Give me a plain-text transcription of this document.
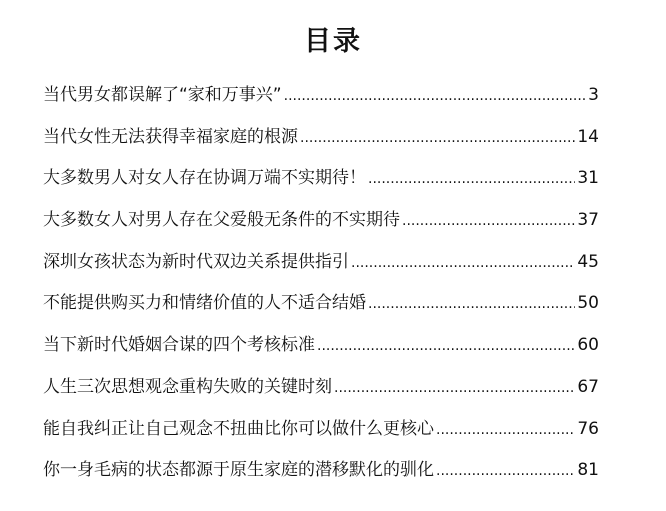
目录
当代男女都误解了“家和万事兴” .....	3
当代女性无法获得幸福家庭的根源 .....	14
大多数男人对女人存在协调万端不实期待！ .....	31
大多数女人对男人存在父爱般无条件的不实期待 .....	37
深圳女孩状态为新时代双边关系提供指引 .....	45
不能提供购买力和情绪价值的人不适合结婚 .....	50
当下新时代婚姻合谋的四个考核标准 .....	60
人生三次思想观念重构失败的关键时刻 .....	67
能自我纠正让自己观念不扭曲比你可以做什么更核心 .....	76
你一身毛病的状态都源于原生家庭的潜移默化的驯化 .....	81
